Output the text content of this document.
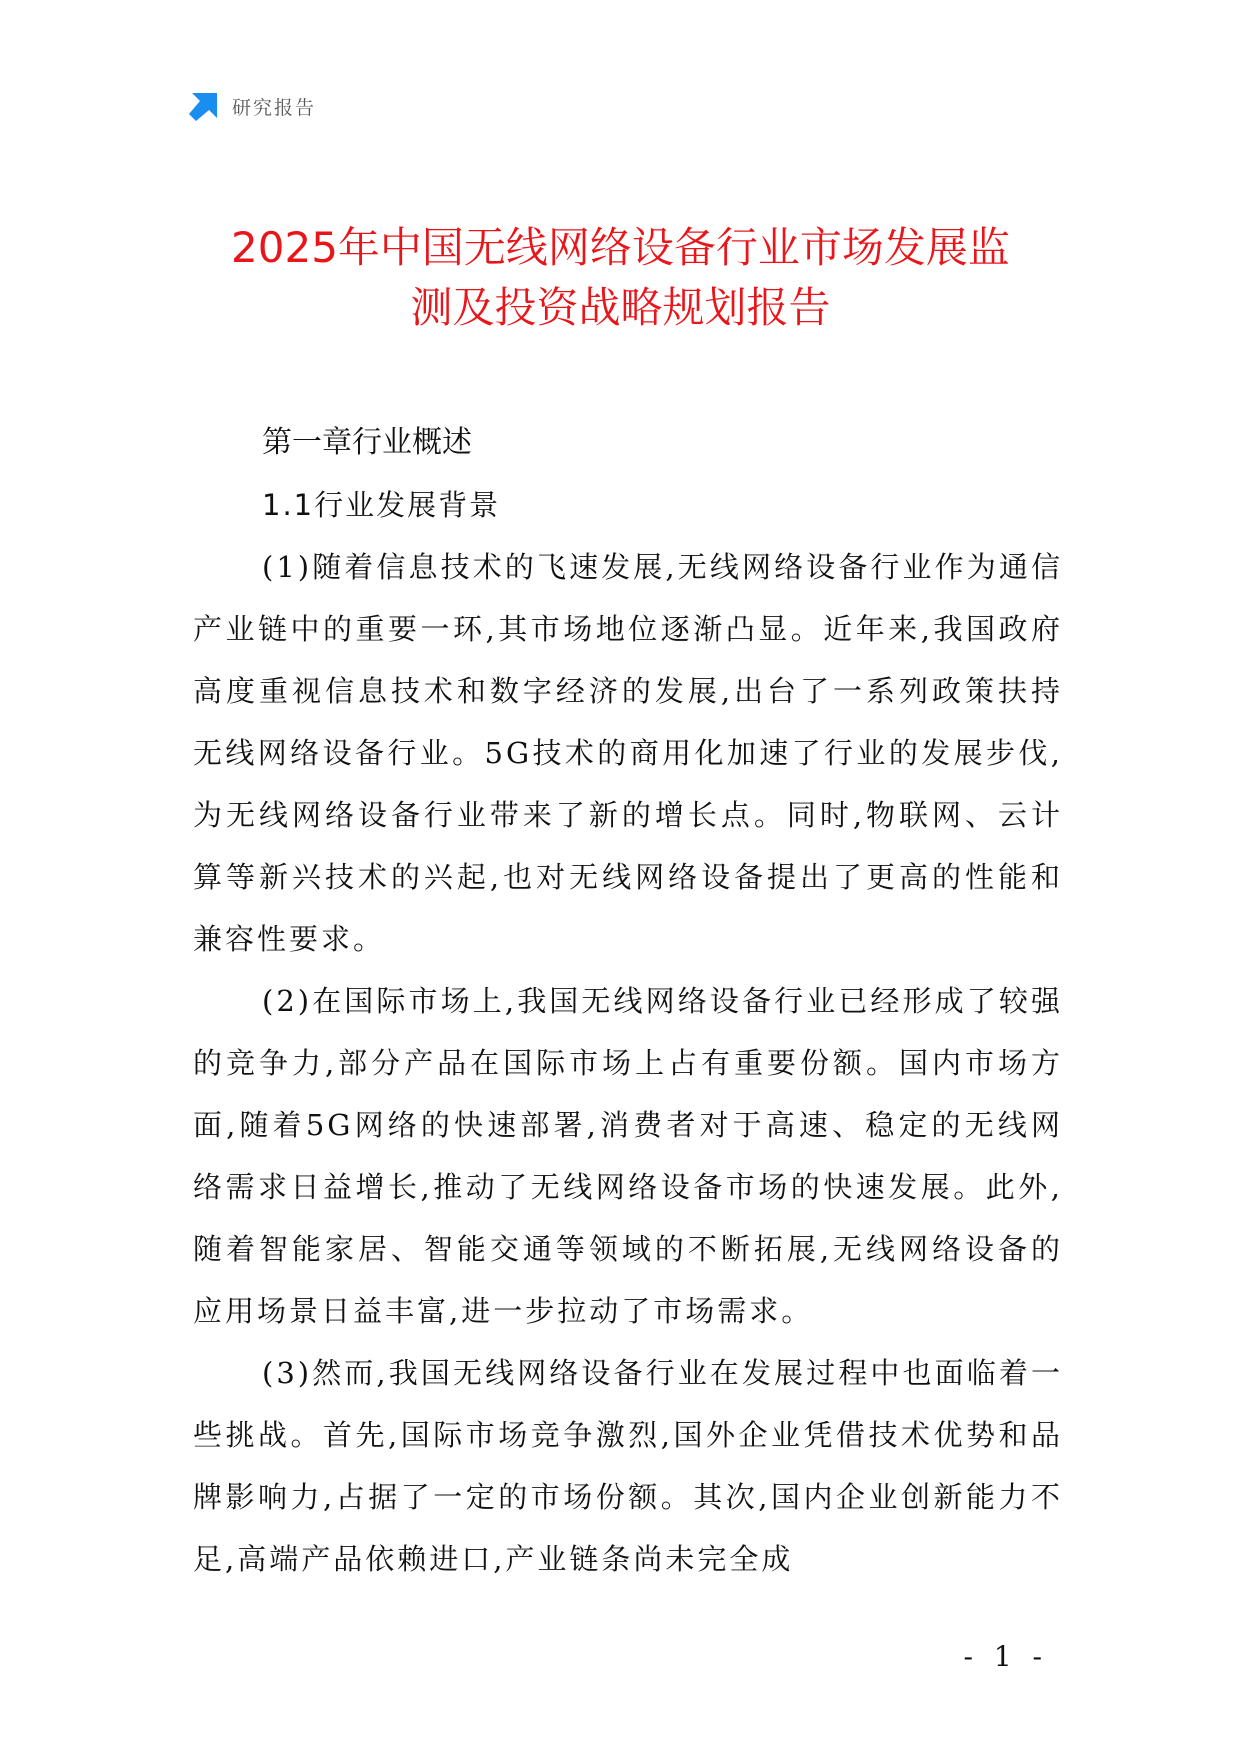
研究报告
2025年中国无线网络设备行业市场发展监
测及投资战略规划报告
第一章行业概述
1.1行业发展背景

(1)随着信息技术的飞速发展,无线网络设备行业作为通信产业链中的重要一环,其市场地位逐渐凸显。近年来,我国政府高度重视信息技术和数字经济的发展,出台了一系列政策扶持无线网络设备行业。5G技术的商用化加速了行业的发展步伐,为无线网络设备行业带来了新的增长点。同时,物联网、云计算等新兴技术的兴起,也对无线网络设备提出了更高的性能和兼容性要求。

(2)在国际市场上,我国无线网络设备行业已经形成了较强的竞争力,部分产品在国际市场上占有重要份额。国内市场方面,随着5G网络的快速部署,消费者对于高速、稳定的无线网络需求日益增长,推动了无线网络设备市场的快速发展。此外,随着智能家居、智能交通等领域的不断拓展,无线网络设备的应用场景日益丰富,进一步拉动了市场需求。

(3)然而,我国无线网络设备行业在发展过程中也面临着一些挑战。首先,国际市场竞争激烈,国外企业凭借技术优势和品牌影响力,占据了一定的市场份额。其次,国内企业创新能力不足,高端产品依赖进口,产业链条尚未完全成

- 1 -
